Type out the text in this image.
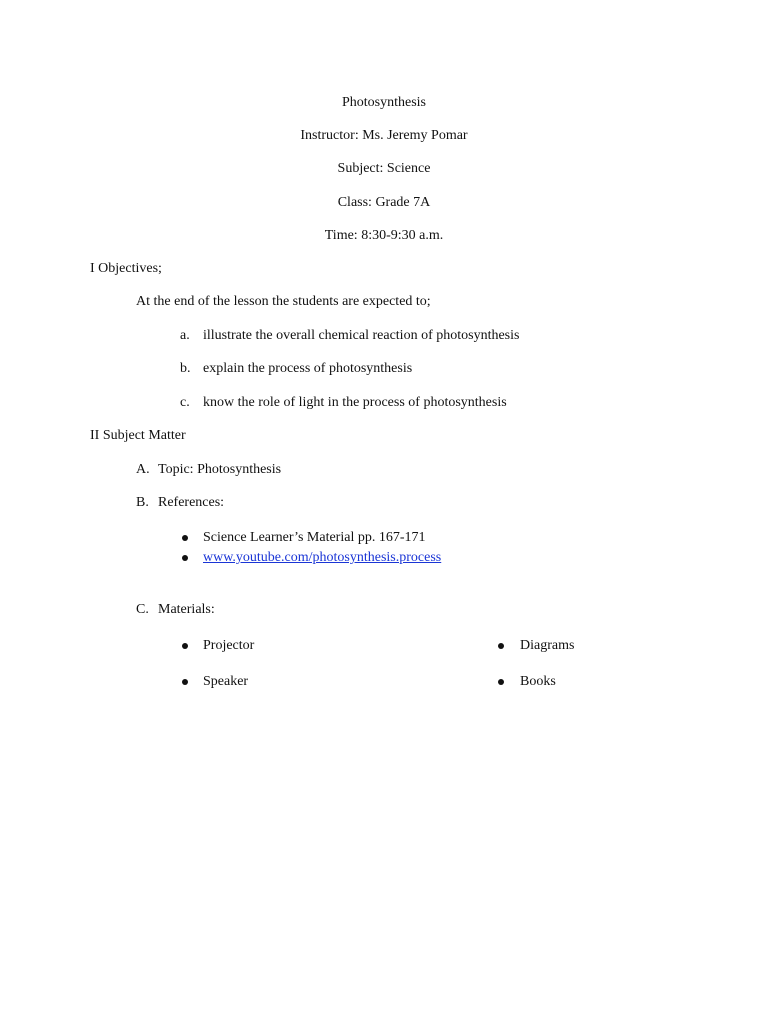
Photosynthesis
Instructor: Ms. Jeremy Pomar
Subject: Science
Class: Grade 7A
Time: 8:30-9:30 a.m.
I Objectives;
At the end of the lesson the students are expected to;
a. illustrate the overall chemical reaction of photosynthesis
b. explain the process of photosynthesis
c. know the role of light in the process of photosynthesis
II Subject Matter
A. Topic: Photosynthesis
B. References:
Science Learner’s Material pp. 167-171
www.youtube.com/photosynthesis.process
C. Materials:
Projector	Diagrams
Speaker	Books
